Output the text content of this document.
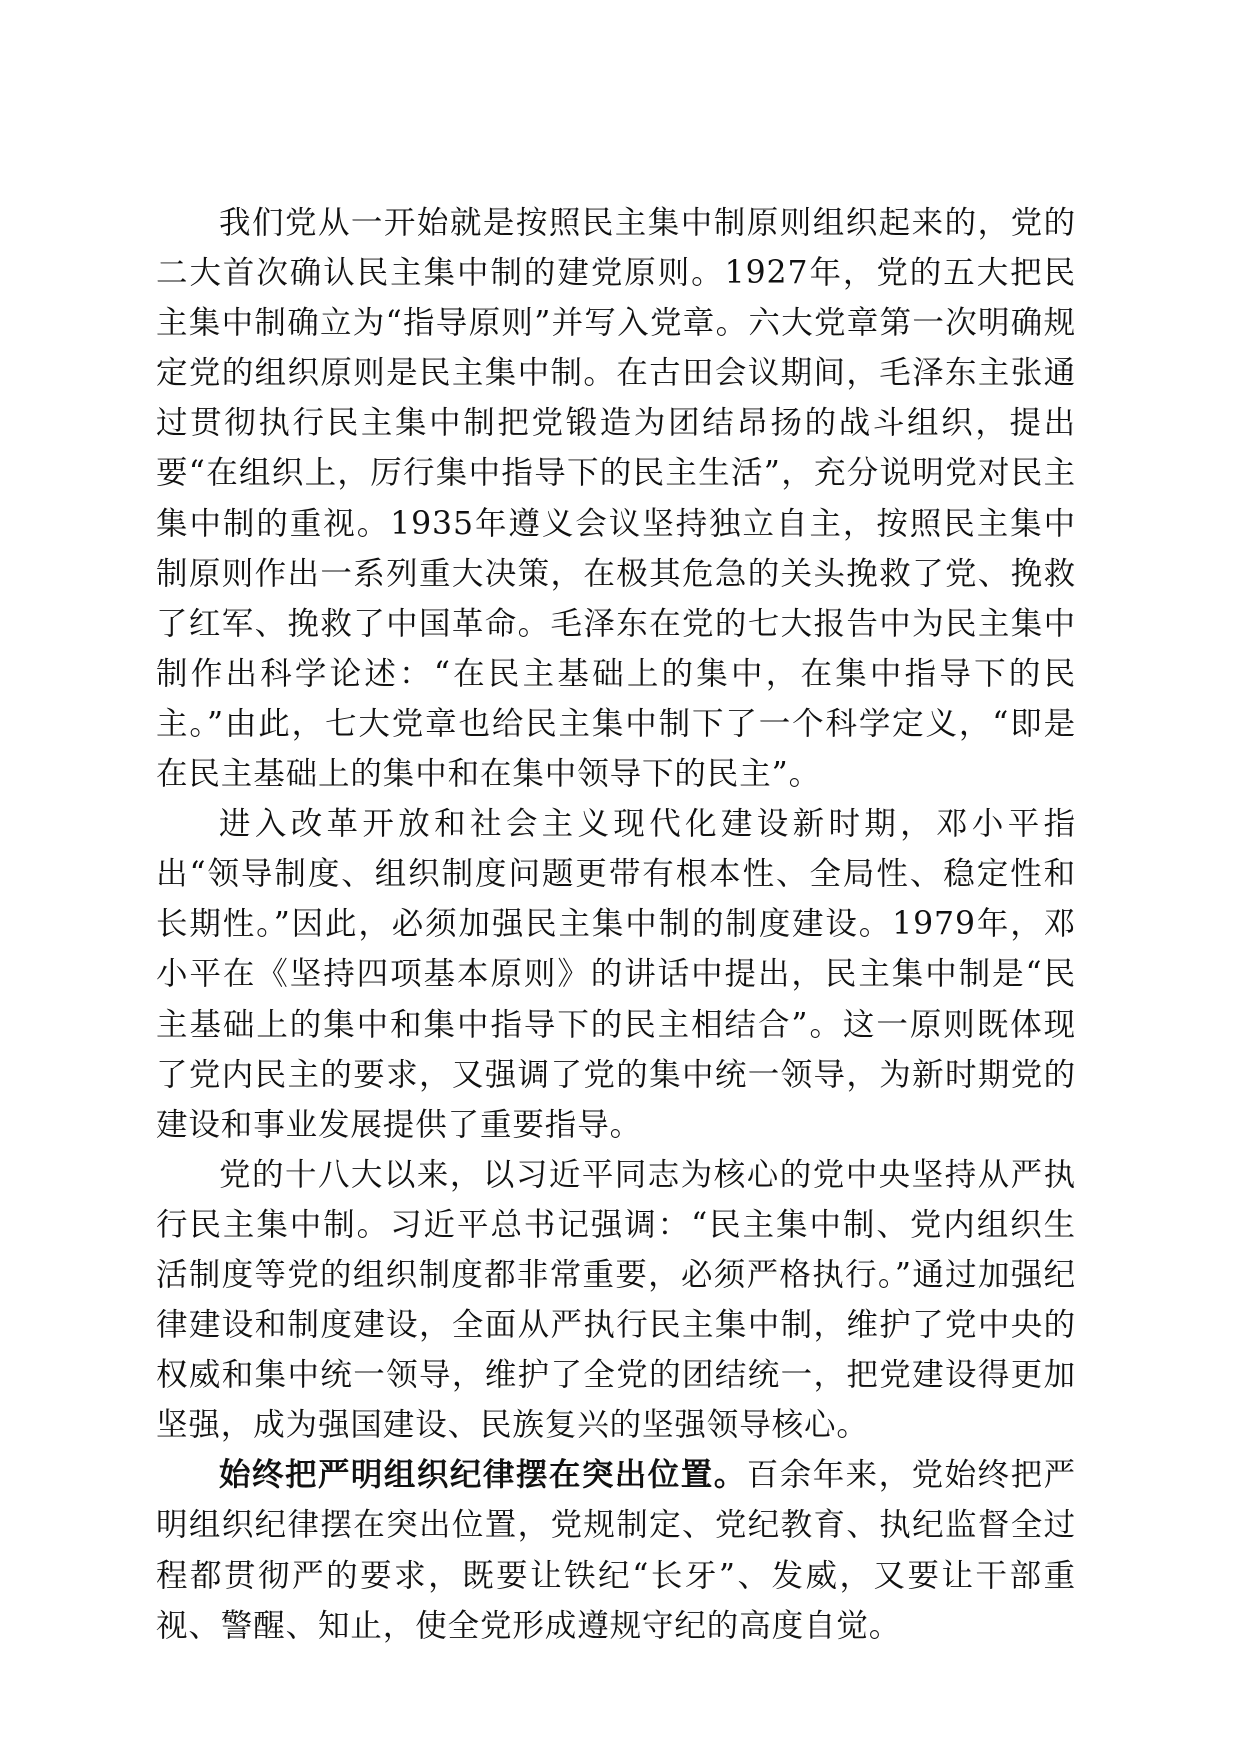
我们党从一开始就是按照民主集中制原则组织起来的，党的二大首次确认民主集中制的建党原则。1927年，党的五大把民主集中制确立为“指导原则”并写入党章。六大党章第一次明确规定党的组织原则是民主集中制。在古田会议期间，毛泽东主张通过贯彻执行民主集中制把党锻造为团结昂扬的战斗组织，提出要“在组织上，厉行集中指导下的民主生活”，充分说明党对民主集中制的重视。1935年遵义会议坚持独立自主，按照民主集中制原则作出一系列重大决策，在极其危急的关头挽救了党、挽救了红军、挽救了中国革命。毛泽东在党的七大报告中为民主集中制作出科学论述：“在民主基础上的集中，在集中指导下的民主。”由此，七大党章也给民主集中制下了一个科学定义，“即是在民主基础上的集中和在集中领导下的民主”。

进入改革开放和社会主义现代化建设新时期，邓小平指出“领导制度、组织制度问题更带有根本性、全局性、稳定性和长期性。”因此，必须加强民主集中制的制度建设。1979年，邓小平在《坚持四项基本原则》的讲话中提出，民主集中制是“民主基础上的集中和集中指导下的民主相结合”。这一原则既体现了党内民主的要求，又强调了党的集中统一领导，为新时期党的建设和事业发展提供了重要指导。

党的十八大以来，以习近平同志为核心的党中央坚持从严执行民主集中制。习近平总书记强调：“民主集中制、党内组织生活制度等党的组织制度都非常重要，必须严格执行。”通过加强纪律建设和制度建设，全面从严执行民主集中制，维护了党中央的权威和集中统一领导，维护了全党的团结统一，把党建设得更加坚强，成为强国建设、民族复兴的坚强领导核心。

始终把严明组织纪律摆在突出位置。百余年来，党始终把严明组织纪律摆在突出位置，党规制定、党纪教育、执纪监督全过程都贯彻严的要求，既要让铁纪“长牙”、发威，又要让干部重视、警醒、知止，使全党形成遵规守纪的高度自觉。
